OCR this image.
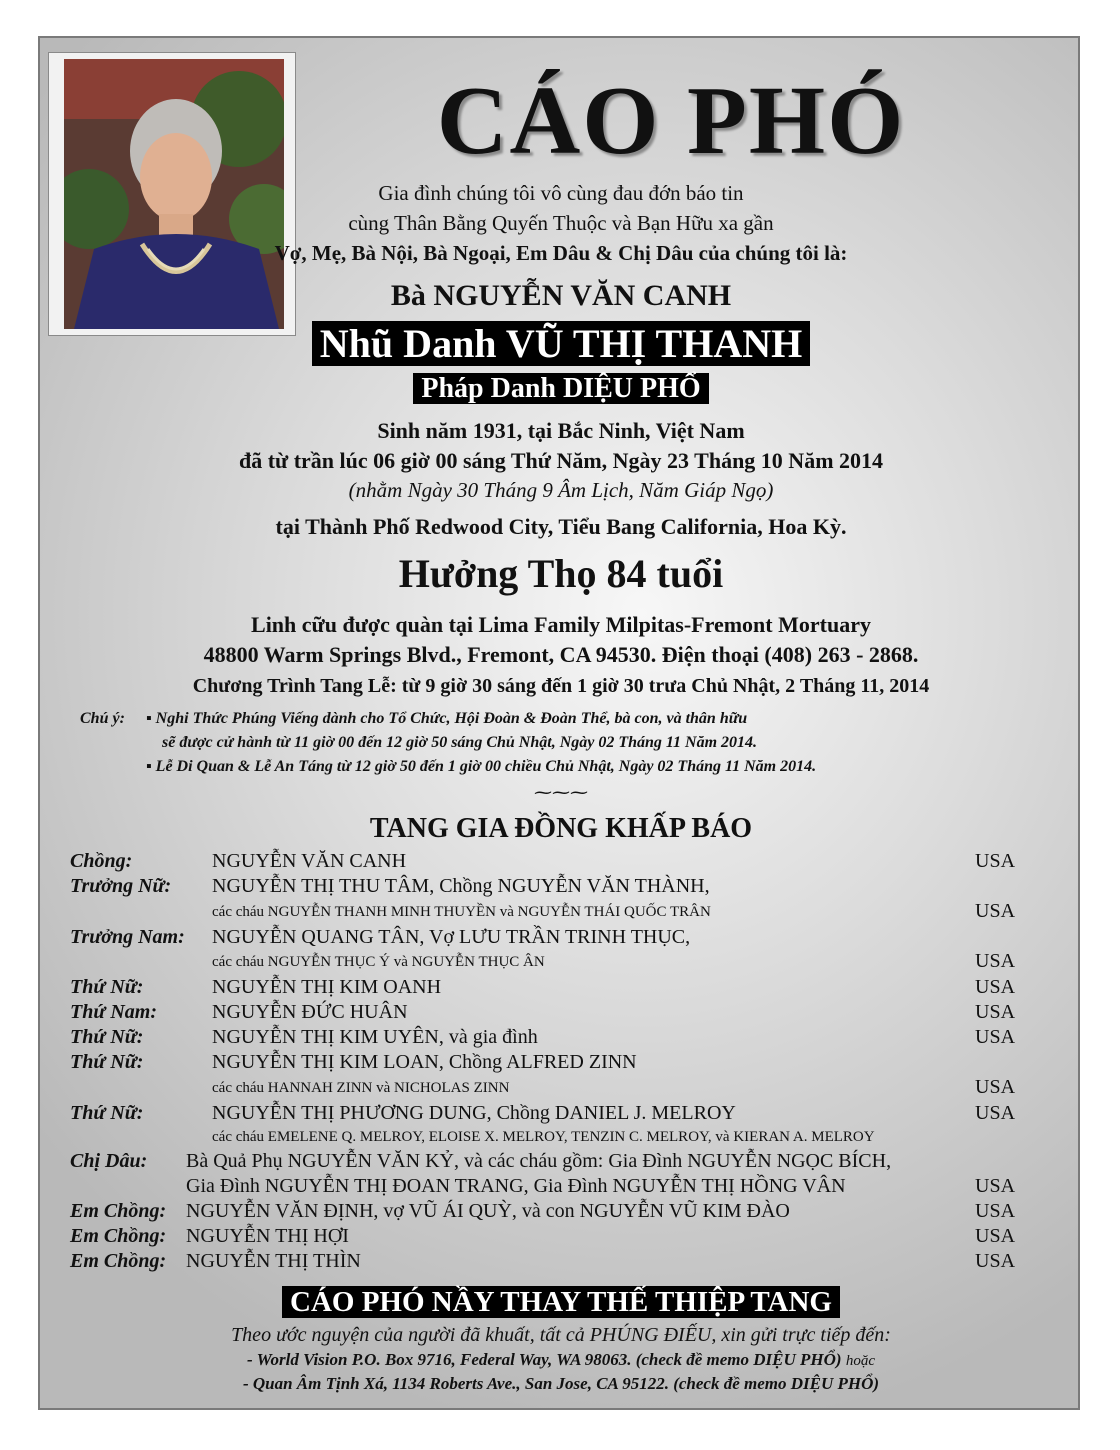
CÁO PHÓ
Gia đình chúng tôi vô cùng đau đớn báo tin
cùng Thân Bằng Quyến Thuộc và Bạn Hữu xa gần
Vợ, Mẹ, Bà Nội, Bà Ngoại, Em Dâu & Chị Dâu của chúng tôi là:
Bà NGUYỄN VĂN CANH
Nhũ Danh VŨ THỊ THANH
Pháp Danh DIỆU PHỔ
Sinh năm 1931, tại Bắc Ninh, Việt Nam
đã từ trần lúc 06 giờ 00 sáng Thứ Năm, Ngày 23 Tháng 10 Năm 2014
(nhằm Ngày 30 Tháng 9 Âm Lịch, Năm Giáp Ngọ)
tại Thành Phố Redwood City, Tiểu Bang California, Hoa Kỳ.
Hưởng Thọ 84 tuổi
Linh cữu được quàn tại Lima Family Milpitas-Fremont Mortuary
48800 Warm Springs Blvd., Fremont, CA 94530. Điện thoại (408) 263 - 2868.
Chương Trình Tang Lễ: từ 9 giờ 30 sáng đến 1 giờ 30 trưa Chủ Nhật, 2 Tháng 11, 2014
Chú ý: ▪ Nghi Thức Phúng Viếng dành cho Tổ Chức, Hội Đoàn & Đoàn Thể, bà con, và thân hữu
sẽ được cử hành từ 11 giờ 00 đến 12 giờ 50 sáng Chủ Nhật, Ngày 02 Tháng 11 Năm 2014.
▪ Lễ Di Quan & Lễ An Táng từ 12 giờ 50 đến 1 giờ 00 chiều Chủ Nhật, Ngày 02 Tháng 11 Năm 2014.
⁓⁓⁓
TANG GIA ĐỒNG KHẤP BÁO
Chồng:	NGUYỄN VĂN CANH	USA
Trưởng Nữ: NGUYỄN THỊ THU TÂM, Chồng NGUYỄN VĂN THÀNH,
các cháu NGUYỄN THANH MINH THUYỀN và NGUYỄN THÁI QUỐC TRÂN	USA
Trưởng Nam: NGUYỄN QUANG TÂN, Vợ LƯU TRẦN TRINH THỤC,
các cháu NGUYỄN THỤC Ý và NGUYỄN THỤC ÂN	USA
Thứ Nữ:	NGUYỄN THỊ KIM OANH	USA
Thứ Nam:	NGUYỄN ĐỨC HUÂN	USA
Thứ Nữ:	NGUYỄN THỊ KIM UYÊN, và gia đình	USA
Thứ Nữ:	NGUYỄN THỊ KIM LOAN, Chồng ALFRED ZINN
các cháu HANNAH ZINN và NICHOLAS ZINN	USA
Thứ Nữ:	NGUYỄN THỊ PHƯƠNG DUNG, Chồng DANIEL J. MELROY	USA
các cháu EMELENE Q. MELROY, ELOISE X. MELROY, TENZIN C. MELROY, và KIERAN A. MELROY
Chị Dâu: Bà Quả Phụ NGUYỄN VĂN KỶ, và các cháu gồm: Gia Đình NGUYỄN NGỌC BÍCH,
Gia Đình NGUYỄN THỊ ĐOAN TRANG, Gia Đình NGUYỄN THỊ HỒNG VÂN	USA
Em Chồng: NGUYỄN VĂN ĐỊNH, vợ VŨ ÁI QUỲ, và con NGUYỄN VŨ KIM ĐÀO	USA
Em Chồng: NGUYỄN THỊ HỢI	USA
Em Chồng: NGUYỄN THỊ THÌN	USA
CÁO PHÓ NẦY THAY THẾ THIỆP TANG
Theo ước nguyện của người đã khuất, tất cả PHÚNG ĐIẾU, xin gửi trực tiếp đến:
- World Vision P.O. Box 9716, Federal Way, WA 98063. (check đề memo DIỆU PHỔ) hoặc
- Quan Âm Tịnh Xá, 1134 Roberts Ave., San Jose, CA 95122. (check đề memo DIỆU PHỔ)
